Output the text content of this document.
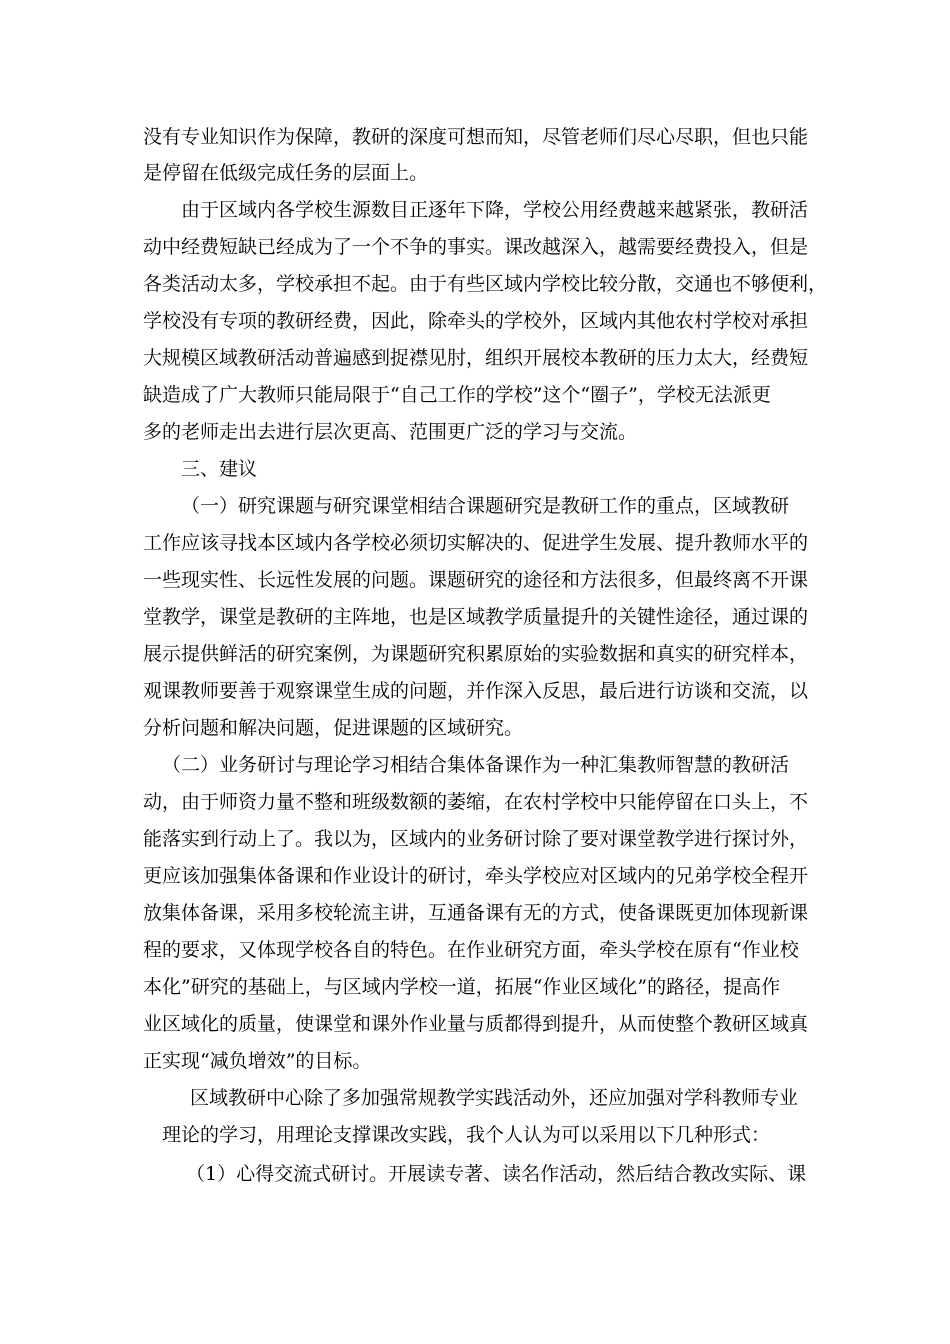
没有专业知识作为保障，教研的深度可想而知，尽管老师们尽心尽职，但也只能
是停留在低级完成任务的层面上。
由于区域内各学校生源数目正逐年下降，学校公用经费越来越紧张，教研活
动中经费短缺已经成为了一个不争的事实。课改越深入，越需要经费投入，但是
各类活动太多，学校承担不起。由于有些区域内学校比较分散，交通也不够便利，
学校没有专项的教研经费，因此，除牵头的学校外，区域内其他农村学校对承担
大规模区域教研活动普遍感到捉襟见肘，组织开展校本教研的压力太大，经费短
缺造成了广大教师只能局限于“自己工作的学校”这个“圈子”，学校无法派更
多的老师走出去进行层次更高、范围更广泛的学习与交流。
三、建议
（一）研究课题与研究课堂相结合课题研究是教研工作的重点，区域教研
工作应该寻找本区域内各学校必须切实解决的、促进学生发展、提升教师水平的
一些现实性、长远性发展的问题。课题研究的途径和方法很多，但最终离不开课
堂教学，课堂是教研的主阵地，也是区域教学质量提升的关键性途径，通过课的
展示提供鲜活的研究案例，为课题研究积累原始的实验数据和真实的研究样本，
观课教师要善于观察课堂生成的问题，并作深入反思，最后进行访谈和交流，以
分析问题和解决问题，促进课题的区域研究。
（二）业务研讨与理论学习相结合集体备课作为一种汇集教师智慧的教研活
动，由于师资力量不整和班级数额的萎缩，在农村学校中只能停留在口头上，不
能落实到行动上了。我以为，区域内的业务研讨除了要对课堂教学进行探讨外，
更应该加强集体备课和作业设计的研讨，牵头学校应对区域内的兄弟学校全程开
放集体备课，采用多校轮流主讲，互通备课有无的方式，使备课既更加体现新课
程的要求，又体现学校各自的特色。在作业研究方面，牵头学校在原有“作业校
本化”研究的基础上，与区域内学校一道，拓展“作业区域化”的路径，提高作
业区域化的质量，使课堂和课外作业量与质都得到提升，从而使整个教研区域真
正实现“减负增效”的目标。
区域教研中心除了多加强常规教学实践活动外，还应加强对学科教师专业
理论的学习，用理论支撑课改实践，我个人认为可以采用以下几种形式：
（1）心得交流式研讨。开展读专著、读名作活动，然后结合教改实际、课
